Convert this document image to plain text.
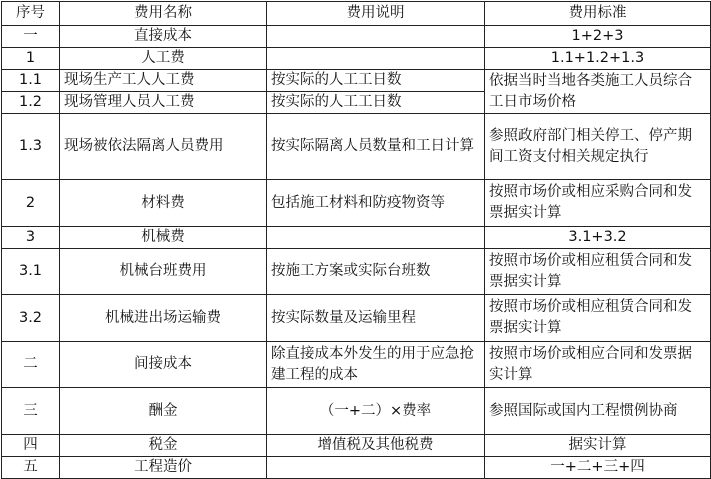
序号	费用名称	费用说明	费用标准
一	直接成本		1+2+3
1	人工费		1.1+1.2+1.3
1.1	现场生产工人人工费	按实际的人工工日数	依据当时当地各类施工人员综合工日市场价格
1.2	现场管理人员人工费	按实际的人工工日数	
1.3	现场被依法隔离人员费用	按实际隔离人员数量和工日计算	参照政府部门相关停工、停产期间工资支付相关规定执行
2	材料费	包括施工材料和防疫物资等	按照市场价或相应采购合同和发票据实计算
3	机械费		3.1+3.2
3.1	机械台班费用	按施工方案或实际台班数	按照市场价或相应租赁合同和发票据实计算
3.2	机械进出场运输费	按实际数量及运输里程	按照市场价或相应租赁合同和发票据实计算
二	间接成本	除直接成本外发生的用于应急抢建工程的成本	按照市场价或相应合同和发票据实计算
三	酬金	（一+二）×费率	参照国际或国内工程惯例协商
四	税金	增值税及其他税费	据实计算
五	工程造价		一+二+三+四
